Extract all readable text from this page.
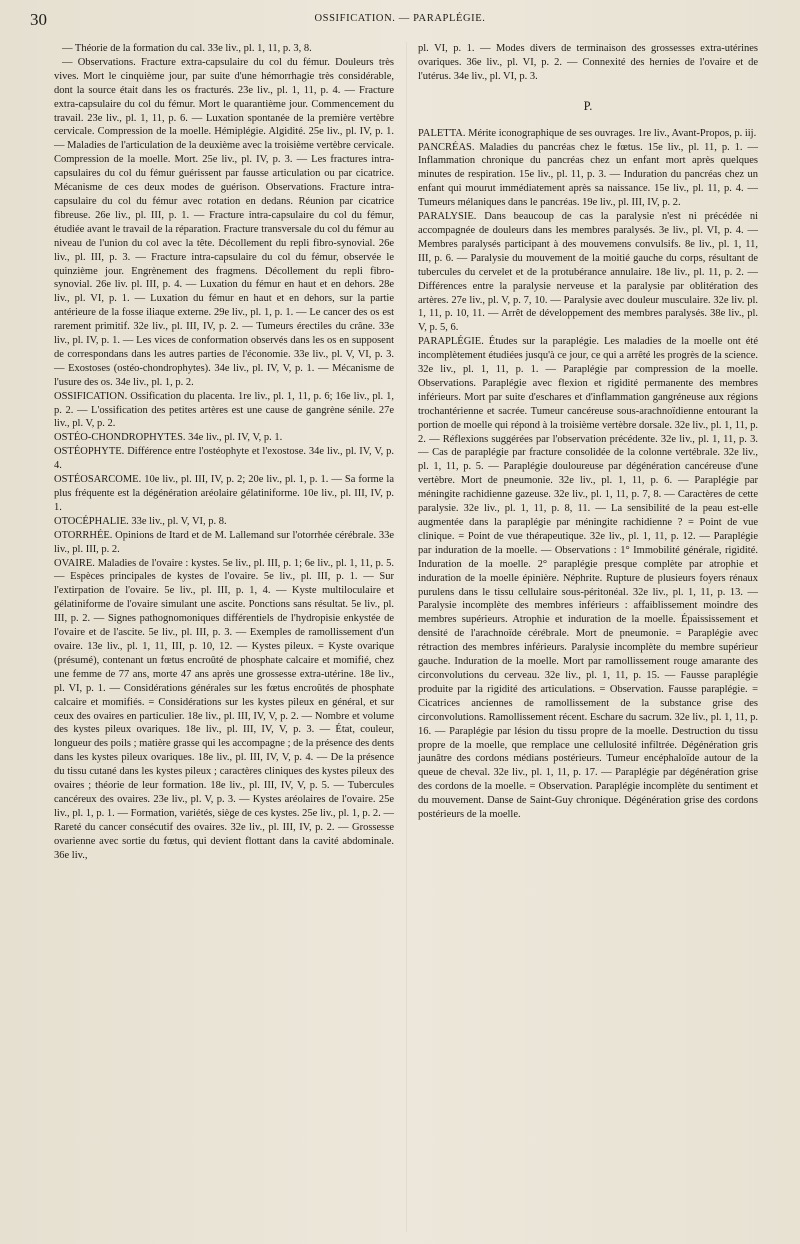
30	OSSIFICATION. — PARAPLÉGIE.

— Théorie de la formation du cal. 33e liv., pl. 1, 11, p. 3, 8.

— Observations. Fracture extra-capsulaire du col du fémur. Douleurs très vives. Mort le cinquième jour, par suite d'une hémorrhagie très considérable, dont la source était dans les os fracturés. 23e liv., pl. 1, 11, p. 4. — Fracture extra-capsulaire du col du fémur. Mort le quarantième jour. Commencement du travail. 23e liv., pl. 1, 11, p. 6. — Luxation spontanée de la première vertèbre cervicale. Compression de la moelle. Hémiplégie. Algidité. 25e liv., pl. IV, p. 1. — Maladies de l'articulation de la deuxième avec la troisième vertèbre cervicale. Compression de la moelle. Mort. 25e liv., pl. IV, p. 3. — Les fractures intra-capsulaires du col du fémur guérissent par fausse articulation ou par cicatrice. Mécanisme de ces deux modes de guérison. Observations. Fracture intra-capsulaire du col du fémur avec rotation en dedans. Réunion par cicatrice fibreuse. 26e liv., pl. III, p. 1. — Fracture intra-capsulaire du col du fémur, étudiée avant le travail de la réparation. Fracture transversale du col du fémur au niveau de l'union du col avec la tête. Décollement du repli fibro-synovial. 26e liv., pl. III, p. 3. — Fracture intra-capsulaire du col du fémur, observée le quinzième jour. Engrènement des fragmens. Décollement du repli fibro-synovial. 26e liv. pl. III, p. 4. — Luxation du fémur en haut et en dehors. 28e liv., pl. VI, p. 1. — Luxation du fémur en haut et en dehors, sur la partie antérieure de la fosse iliaque externe. 29e liv., pl. 1, p. 1. — Le cancer des os est rarement primitif. 32e liv., pl. III, IV, p. 2. — Tumeurs érectiles du crâne. 33e liv., pl. IV, p. 1. — Les vices de conformation observés dans les os en supposent de correspondans dans les autres parties de l'économie. 33e liv., pl. V, VI, p. 3. — Exostoses (ostéo-chondrophytes). 34e liv., pl. IV, V, p. 1. — Mécanisme de l'usure des os. 34e liv., pl. 1, p. 2.

OSSIFICATION. Ossification du placenta. 1re liv., pl. 1, 11, p. 6; 16e liv., pl. 1, p. 2. — L'ossification des petites artères est une cause de gangrène sénile. 27e liv., pl. V, p. 2.

OSTÉO-CHONDROPHYTES. 34e liv., pl. IV, V, p. 1.

OSTÉOPHYTE. Différence entre l'ostéophyte et l'exostose. 34e liv., pl. IV, V, p. 4.

OSTÉOSARCOME. 10e liv., pl. III, IV, p. 2; 20e liv., pl. 1, p. 1. — Sa forme la plus fréquente est la dégénération aréolaire gélatiniforme. 10e liv., pl. III, IV, p. 1.

OTOCÉPHALIE. 33e liv., pl. V, VI, p. 8.

OTORRHÉE. Opinions de Itard et de M. Lallemand sur l'otorrhée cérébrale. 33e liv., pl. III, p. 2.

OVAIRE. Maladies de l'ovaire : kystes. 5e liv., pl. III, p. 1; 6e liv., pl. 1, 11, p. 5. — Espèces principales de kystes de l'ovaire. 5e liv., pl. III, p. 1. — Sur l'extirpation de l'ovaire. 5e liv., pl. III, p. 1, 4. — Kyste multiloculaire et gélatiniforme de l'ovaire simulant une ascite. Ponctions sans résultat. 5e liv., pl. III, p. 2. — Signes pathognomoniques différentiels de l'hydropisie enkystée de l'ovaire et de l'ascite. 5e liv., pl. III, p. 3. — Exemples de ramollissement d'un ovaire. 13e liv., pl. 1, 11, III, p. 10, 12. — Kystes pileux. = Kyste ovarique (présumé), contenant un fœtus encroûté de phosphate calcaire et momifié, chez une femme de 77 ans, morte 47 ans après une grossesse extra-utérine. 18e liv., pl. VI, p. 1. — Considérations générales sur les fœtus encroûtés de phosphate calcaire et momifiés. = Considérations sur les kystes pileux en général, et sur ceux des ovaires en particulier. 18e liv., pl. III, IV, V, p. 2. — Nombre et volume des kystes pileux ovariques. 18e liv., pl. III, IV, V, p. 3. — État, couleur, longueur des poils ; matière grasse qui les accompagne ; de la présence des dents dans les kystes pileux ovariques. 18e liv., pl. III, IV, V, p. 4. — De la présence du tissu cutané dans les kystes pileux ; caractères cliniques des kystes pileux des ovaires ; théorie de leur formation. 18e liv., pl. III, IV, V, p. 5. — Tubercules cancéreux des ovaires. 23e liv., pl. V, p. 3. — Kystes aréolaires de l'ovaire. 25e liv., pl. 1, p. 1. — Formation, variétés, siège de ces kystes. 25e liv., pl. 1, p. 2. — Rareté du cancer consécutif des ovaires. 32e liv., pl. III, IV, p. 2. — Grossesse ovarienne avec sortie du fœtus, qui devient flottant dans la cavité abdominale. 36e liv.,

pl. VI, p. 1. — Modes divers de terminaison des grossesses extra-utérines ovariques. 36e liv., pl. VI, p. 2. — Connexité des hernies de l'ovaire et de l'utérus. 34e liv., pl. VI, p. 3.

P.

PALETTA. Mérite iconographique de ses ouvrages. 1re liv., Avant-Propos, p. iij.

PANCRÉAS. Maladies du pancréas chez le fœtus. 15e liv., pl. 11, p. 1. — Inflammation chronique du pancréas chez un enfant mort après quelques minutes de respiration. 15e liv., pl. 11, p. 3. — Induration du pancréas chez un enfant qui mourut immédiatement après sa naissance. 15e liv., pl. 11, p. 4. — Tumeurs mélaniques dans le pancréas. 19e liv., pl. III, IV, p. 2.

PARALYSIE. Dans beaucoup de cas la paralysie n'est ni précédée ni accompagnée de douleurs dans les membres paralysés. 3e liv., pl. VI, p. 4. — Membres paralysés participant à des mouvemens convulsifs. 8e liv., pl. 1, 11, III, p. 6. — Paralysie du mouvement de la moitié gauche du corps, résultant de tubercules du cervelet et de la protubérance annulaire. 18e liv., pl. 11, p. 2. — Différences entre la paralysie nerveuse et la paralysie par oblitération des artères. 27e liv., pl. V, p. 7, 10. — Paralysie avec douleur musculaire. 32e liv. pl. 1, 11, p. 10, 11. — Arrêt de développement des membres paralysés. 38e liv., pl. V, p. 5, 6.

PARAPLÉGIE. Études sur la paraplégie. Les maladies de la moelle ont été incomplètement étudiées jusqu'à ce jour, ce qui a arrêté les progrès de la science. 32e liv., pl. 1, 11, p. 1. — Paraplégie par compression de la moelle. Observations. Paraplégie avec flexion et rigidité permanente des membres inférieurs. Mort par suite d'eschares et d'inflammation gangréneuse aux régions trochantérienne et sacrée. Tumeur cancéreuse sous-arachnoïdienne entourant la portion de moelle qui répond à la troisième vertèbre dorsale. 32e liv., pl. 1, 11, p. 2. — Réflexions suggérées par l'observation précédente. 32e liv., pl. 1, 11, p. 3. — Cas de paraplégie par fracture consolidée de la colonne vertébrale. 32e liv., pl. 1, 11, p. 5. — Paraplégie douloureuse par dégénération cancéreuse d'une vertèbre. Mort de pneumonie. 32e liv., pl. 1, 11, p. 6. — Paraplégie par méningite rachidienne gazeuse. 32e liv., pl. 1, 11, p. 7, 8. — Caractères de cette paralysie. 32e liv., pl. 1, 11, p. 8, 11. — La sensibilité de la peau est-elle augmentée dans la paraplégie par méningite rachidienne ? = Point de vue clinique. = Point de vue thérapeutique. 32e liv., pl. 1, 11, p. 12. — Paraplégie par induration de la moelle. — Observations : 1° Immobilité générale, rigidité. Induration de la moelle. 2° paraplégie presque complète par atrophie et induration de la moelle épinière. Néphrite. Rupture de plusieurs foyers rénaux purulens dans le tissu cellulaire sous-péritonéal. 32e liv., pl. 1, 11, p. 13. — Paralysie incomplète des membres inférieurs : affaiblissement moindre des membres supérieurs. Atrophie et induration de la moelle. Épaississement et densité de l'arachnoïde cérébrale. Mort de pneumonie. = Paraplégie avec rétraction des membres inférieurs. Paralysie incomplète du membre supérieur gauche. Induration de la moelle. Mort par ramollissement rouge amarante des circonvolutions du cerveau. 32e liv., pl. 1, 11, p. 15. — Fausse paraplégie produite par la rigidité des articulations. = Observation. Fausse paraplégie. = Cicatrices anciennes de ramollissement de la substance grise des circonvolutions. Ramollissement récent. Eschare du sacrum. 32e liv., pl. 1, 11, p. 16. — Paraplégie par lésion du tissu propre de la moelle. Destruction du tissu propre de la moelle, que remplace une cellulosité infiltrée. Dégénération gris jaunâtre des cordons médians postérieurs. Tumeur encéphaloïde autour de la queue de cheval. 32e liv., pl. 1, 11, p. 17. — Paraplégie par dégénération grise des cordons de la moelle. = Observation. Paraplégie incomplète du sentiment et du mouvement. Danse de Saint-Guy chronique. Dégénération grise des cordons postérieurs de la moelle.
